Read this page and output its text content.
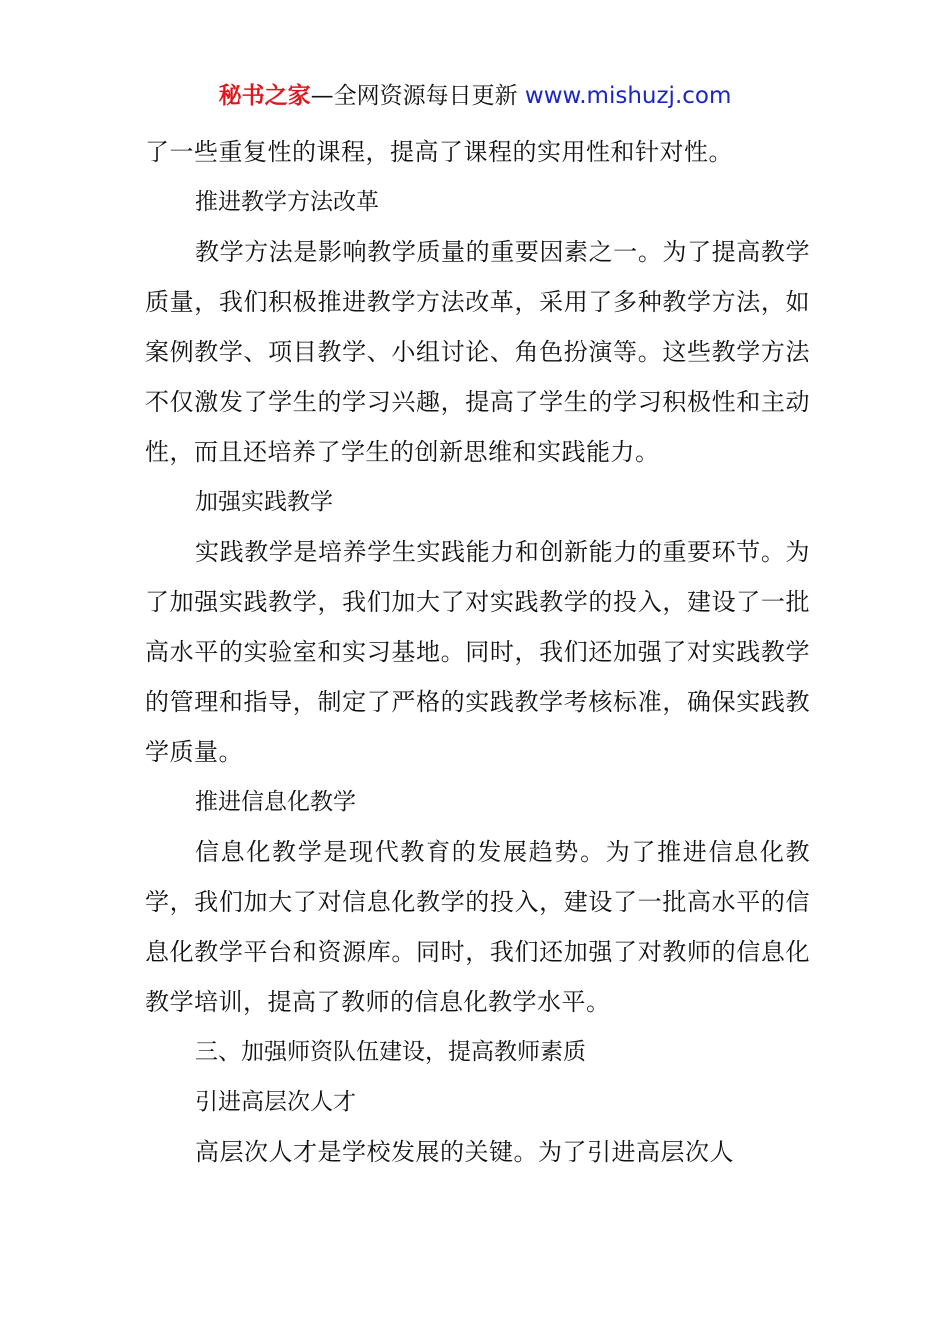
秘书之家—全网资源每日更新 www.mishuzj.com

了一些重复性的课程，提高了课程的实用性和针对性。

推进教学方法改革

教学方法是影响教学质量的重要因素之一。为了提高教学质量，我们积极推进教学方法改革，采用了多种教学方法，如案例教学、项目教学、小组讨论、角色扮演等。这些教学方法不仅激发了学生的学习兴趣，提高了学生的学习积极性和主动性，而且还培养了学生的创新思维和实践能力。

加强实践教学

实践教学是培养学生实践能力和创新能力的重要环节。为了加强实践教学，我们加大了对实践教学的投入，建设了一批高水平的实验室和实习基地。同时，我们还加强了对实践教学的管理和指导，制定了严格的实践教学考核标准，确保实践教学质量。

推进信息化教学

信息化教学是现代教育的发展趋势。为了推进信息化教学，我们加大了对信息化教学的投入，建设了一批高水平的信息化教学平台和资源库。同时，我们还加强了对教师的信息化教学培训，提高了教师的信息化教学水平。

三、加强师资队伍建设，提高教师素质

引进高层次人才

高层次人才是学校发展的关键。为了引进高层次人
